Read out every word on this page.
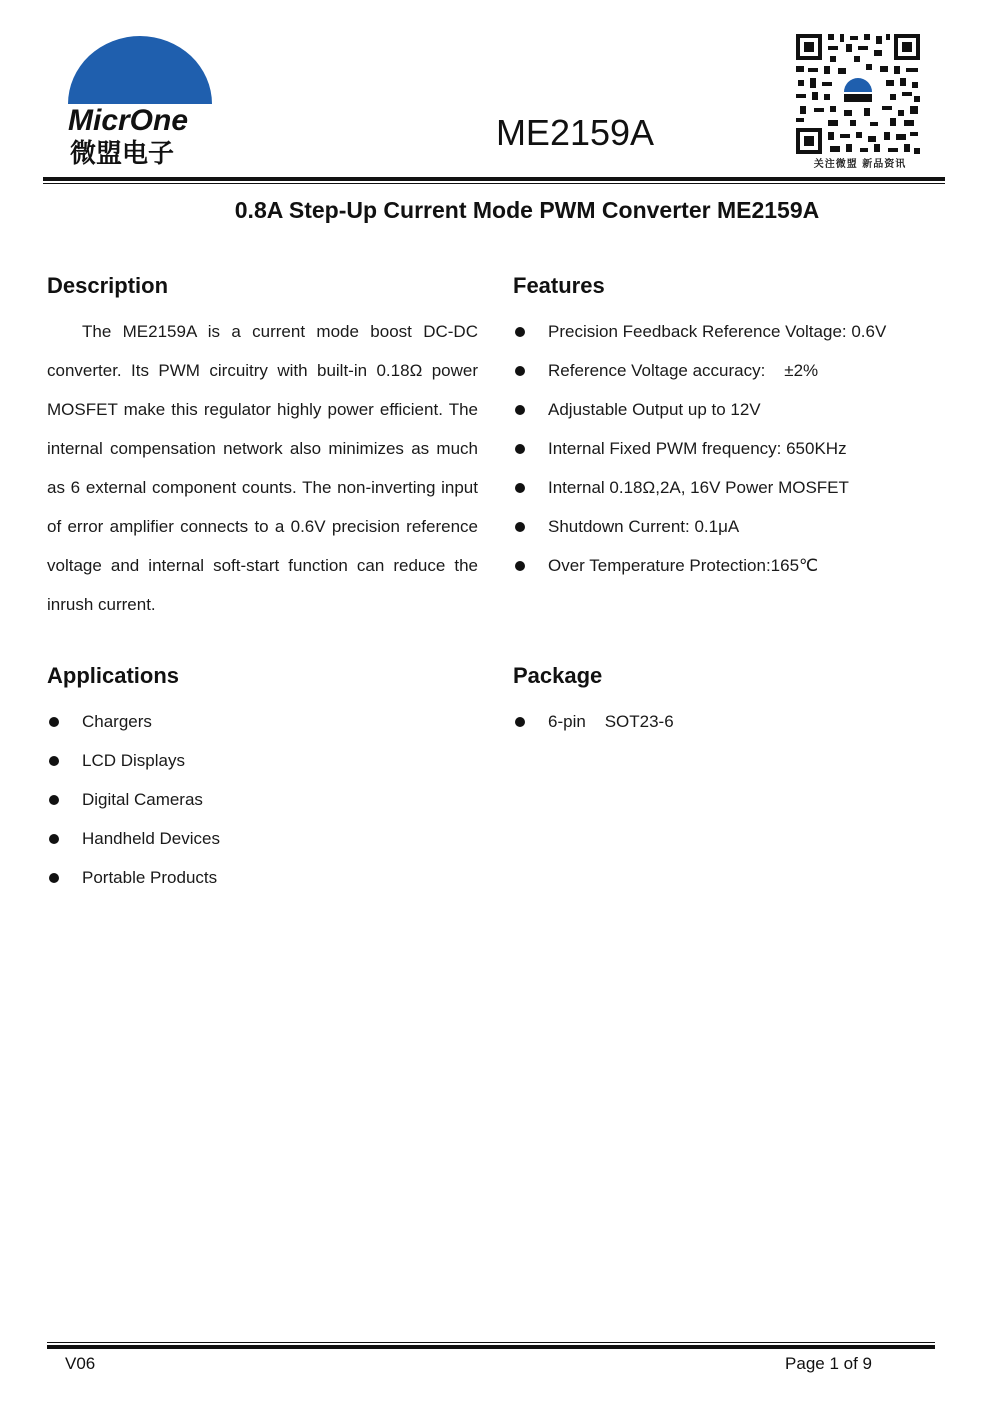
MicrOne
微盟电子
ME2159A
关注微盟 新品资讯
0.8A Step-Up Current Mode PWM Converter ME2159A
Description
The ME2159A is a current mode boost DC-DC converter. Its PWM circuitry with built-in 0.18Ω power MOSFET make this regulator highly power efficient. The internal compensation network also minimizes as much as 6 external component counts. The non-inverting input of error amplifier connects to a 0.6V precision reference voltage and internal soft-start function can reduce the inrush current.
Features
Precision Feedback Reference Voltage: 0.6V
Reference Voltage accuracy:    ±2%
Adjustable Output up to 12V
Internal Fixed PWM frequency: 650KHz
Internal 0.18Ω,2A, 16V Power MOSFET
Shutdown Current: 0.1μA
Over Temperature Protection:165℃
Applications
Chargers
LCD Displays
Digital Cameras
Handheld Devices
Portable Products
Package
6-pin    SOT23-6
V06	Page 1 of 9
